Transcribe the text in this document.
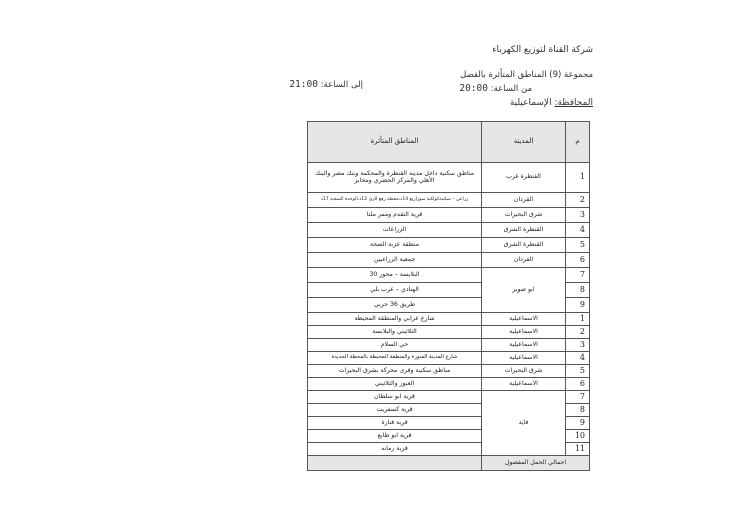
شركة القناة لتوزيع الكهرباء
مجموعة (9) المناطق المتأثرة بالفصل
من الساعة: 20:00
إلى الساعة: 21:00
المحافظة: الإسماعيلية
م	المدينة	المناطق المتأثرة
1	القنطرة غرب	مناطق سكنية داخل مدينة القنطرة والمحكمة وبنك مصر والبنك الأهلي والمركز الحضري ومخابز
2	القردان	زراعي – سكنيةكولكية سوزاريع 14د،محطة رفع الري 12د،الوحدة الصحية 17د
3	شرق البحيرات	قرية التقدم وممر ملتا
4	القنطرة الشرق	الزراعات
5	القنطرة الشرق	منطقة عزبة الصحة
6	القردان	جمعية الزراعيين
7	ابو صوير	البلايسة – محور 30
8		الهنادي – عرب بلي
9		طريق 36 حربي
1	الاسماعيلية	شارع عرابي والمنطقة المحيطة
2	الاسماعيلية	الثلاثيني والبلابسة
3	الاسماعيلية	حي السلام
4	الاسماعيلية	شارع المدينة المنورة والمنطقة المحيطة بالمحطة الجديدة
5	شرق البحيرات	مناطق سكنية وقرى محركة بشرق البحيرات
6	الاسماعيلية	العبور والثلاثيني
7	فايد	قرية ابو سلطان
8		قرية كسفريت
9		قرية فنارة
10		قرية ابو طابع
11		قرية رمانه
اجمالي الحمل المفصول		
